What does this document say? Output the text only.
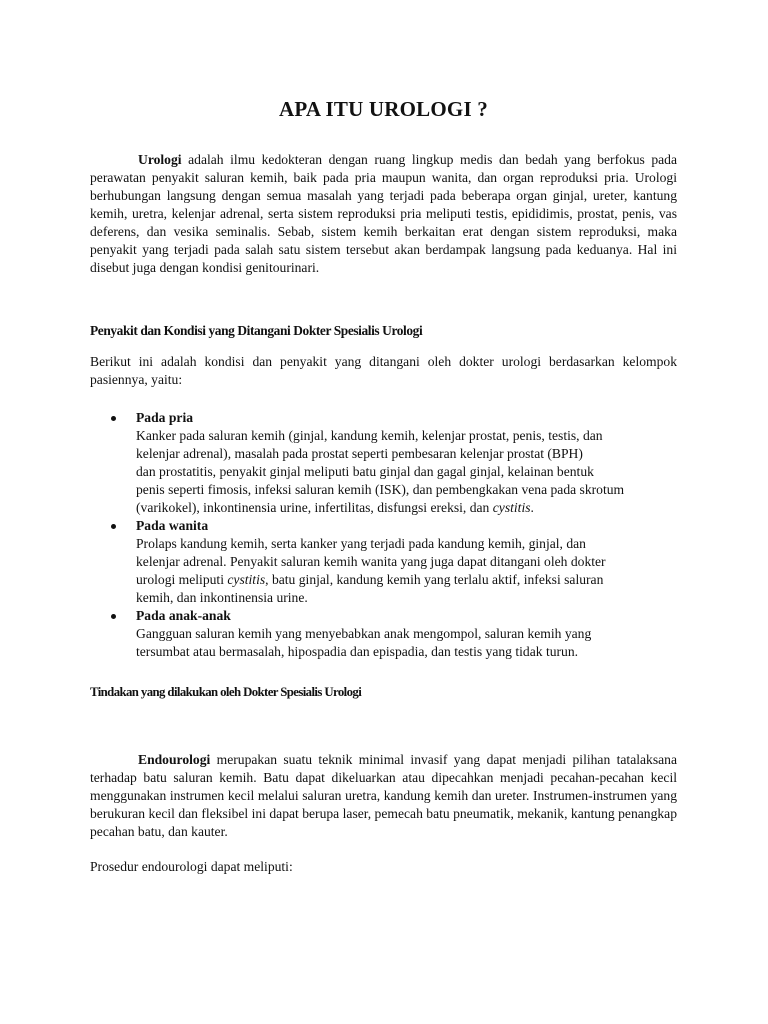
APA ITU UROLOGI ?

Urologi adalah ilmu kedokteran dengan ruang lingkup medis dan bedah yang berfokus pada perawatan penyakit saluran kemih, baik pada pria maupun wanita, dan organ reproduksi pria. Urologi berhubungan langsung dengan semua masalah yang terjadi pada beberapa organ ginjal, ureter, kantung kemih, uretra, kelenjar adrenal, serta sistem reproduksi pria meliputi testis, epididimis, prostat, penis, vas deferens, dan vesika seminalis. Sebab, sistem kemih berkaitan erat dengan sistem reproduksi, maka penyakit yang terjadi pada salah satu sistem tersebut akan berdampak langsung pada keduanya. Hal ini disebut juga dengan kondisi genitourinari.

Penyakit dan Kondisi yang Ditangani Dokter Spesialis Urologi

Berikut ini adalah kondisi dan penyakit yang ditangani oleh dokter urologi berdasarkan kelompok pasiennya, yaitu:

Pada pria
Kanker pada saluran kemih (ginjal, kandung kemih, kelenjar prostat, penis, testis, dan
kelenjar adrenal), masalah pada prostat seperti pembesaran kelenjar prostat (BPH)
dan prostatitis, penyakit ginjal meliputi batu ginjal dan gagal ginjal, kelainan bentuk
penis seperti fimosis, infeksi saluran kemih (ISK), dan pembengkakan vena pada skrotum
(varikokel), inkontinensia urine, infertilitas, disfungsi ereksi, dan cystitis.
Pada wanita
Prolaps kandung kemih, serta kanker yang terjadi pada kandung kemih, ginjal, dan
kelenjar adrenal. Penyakit saluran kemih wanita yang juga dapat ditangani oleh dokter
urologi meliputi cystitis, batu ginjal, kandung kemih yang terlalu aktif, infeksi saluran
kemih, dan inkontinensia urine.
Pada anak-anak
Gangguan saluran kemih yang menyebabkan anak mengompol, saluran kemih yang
tersumbat atau bermasalah, hipospadia dan epispadia, dan testis yang tidak turun.

Tindakan yang dilakukan oleh Dokter Spesialis Urologi

Endourologi merupakan suatu teknik minimal invasif yang dapat menjadi pilihan tatalaksana terhadap batu saluran kemih. Batu dapat dikeluarkan atau dipecahkan menjadi pecahan-pecahan kecil menggunakan instrumen kecil melalui saluran uretra, kandung kemih dan ureter. Instrumen-instrumen yang berukuran kecil dan fleksibel ini dapat berupa laser, pemecah batu pneumatik, mekanik, kantung penangkap pecahan batu, dan kauter.

Prosedur endourologi dapat meliputi:
